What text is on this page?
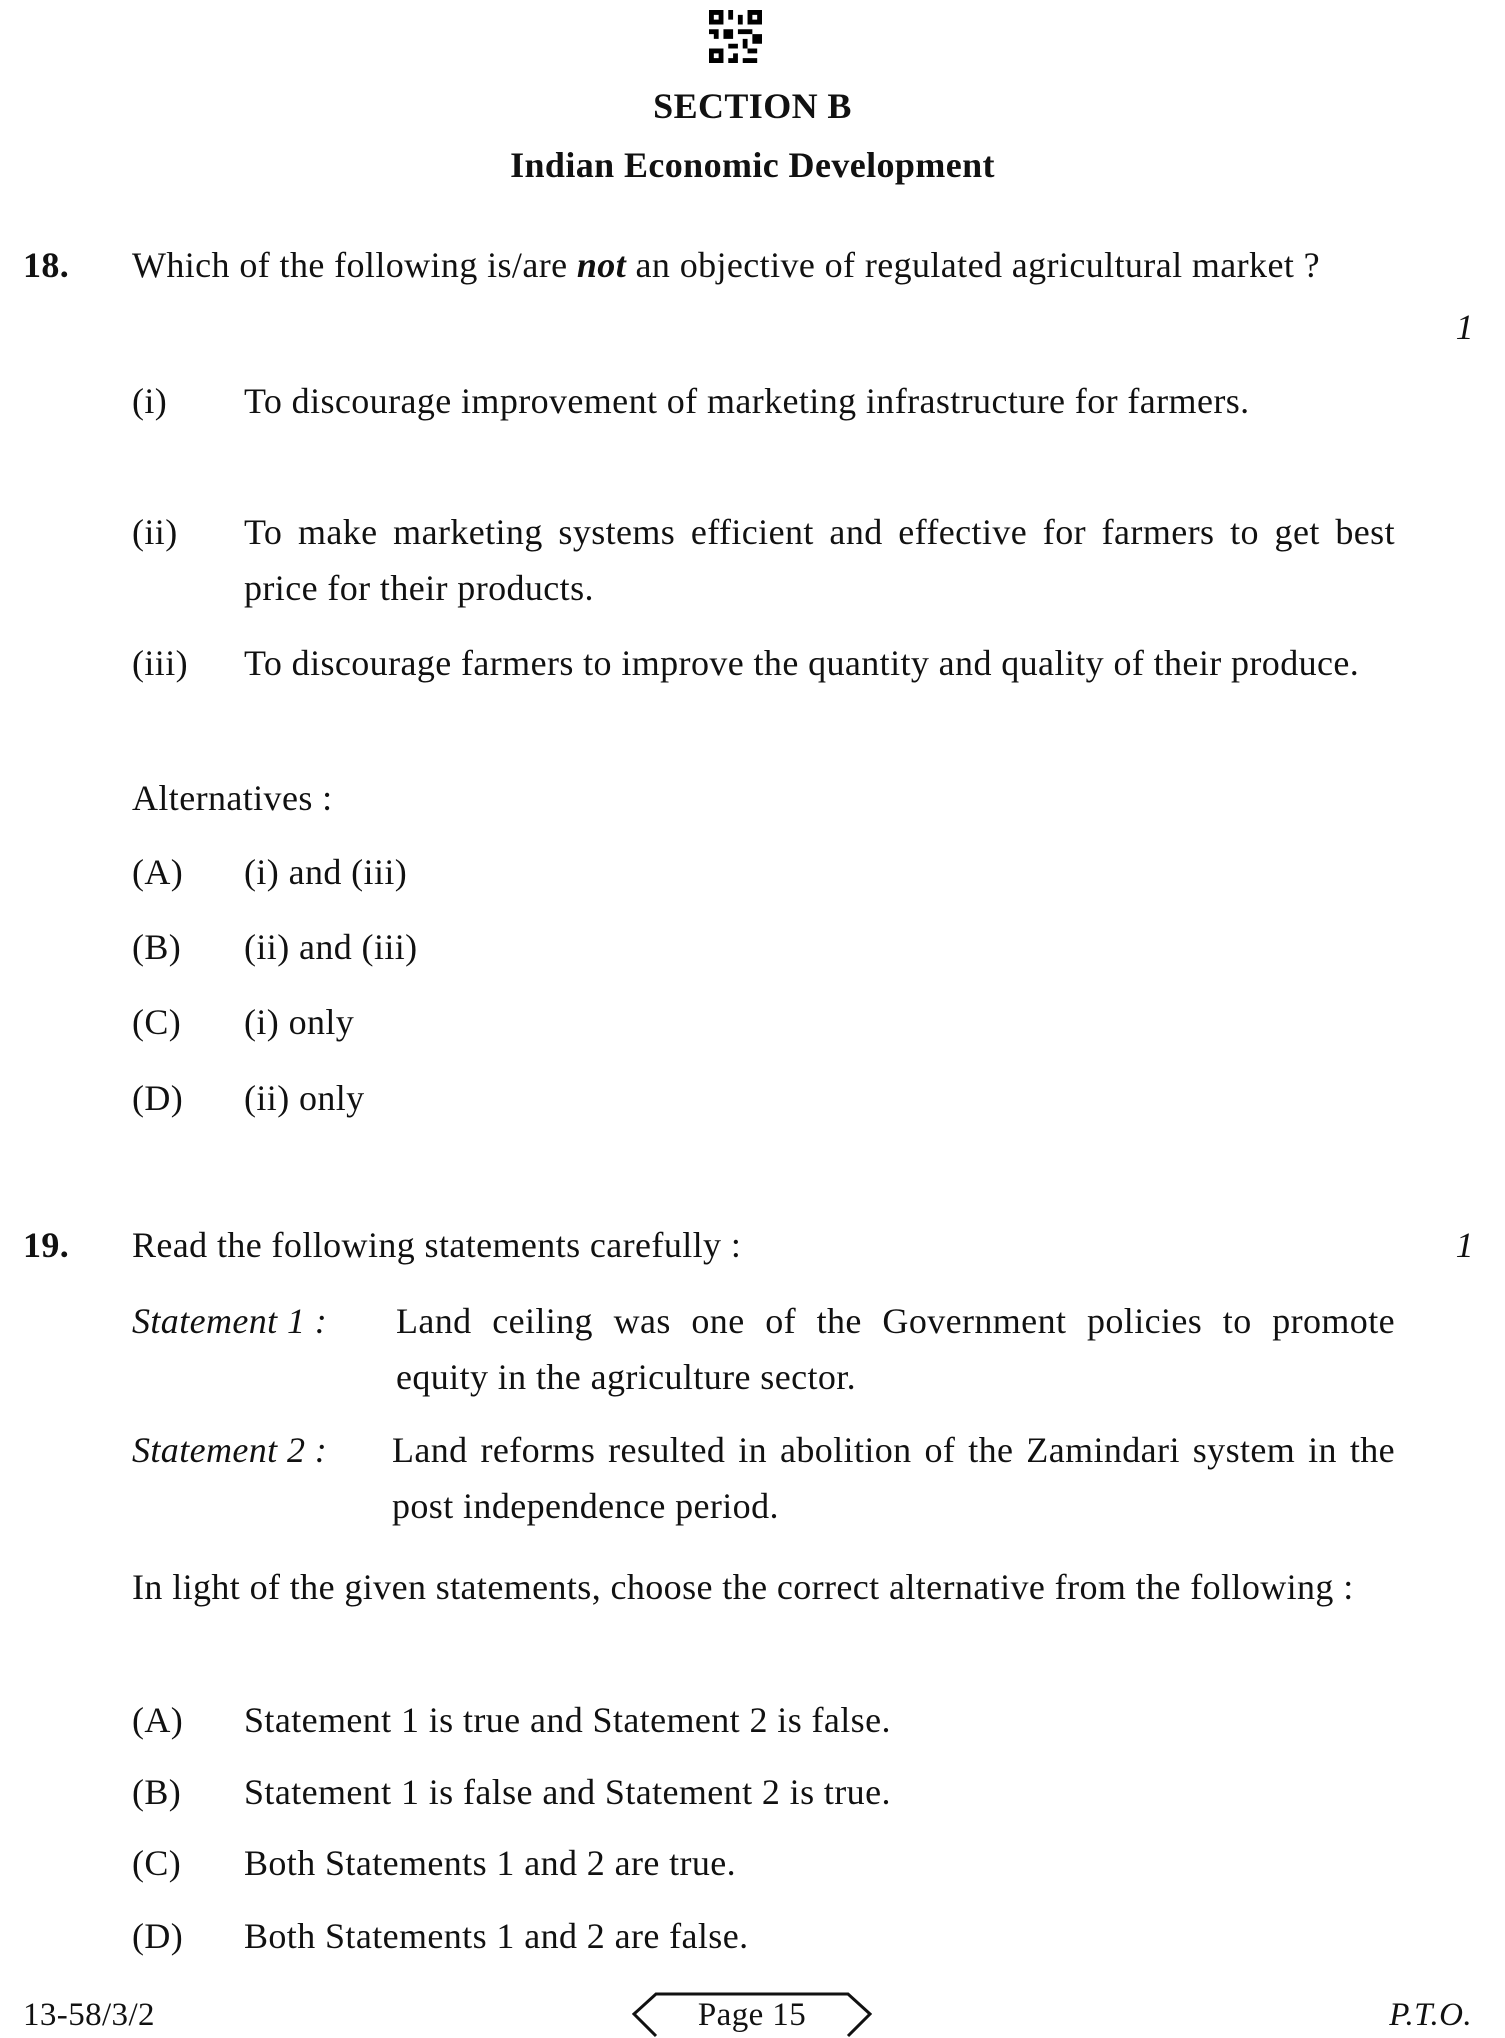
SECTION B
Indian Economic Development
18. Which of the following is/are not an objective of regulated agricultural market ?
1
(i) To discourage improvement of marketing infrastructure for farmers.
(ii) To make marketing systems efficient and effective for farmers to get best price for their products.
(iii) To discourage farmers to improve the quantity and quality of their produce.
Alternatives :
(A) (i) and (iii)
(B) (ii) and (iii)
(C) (i) only
(D) (ii) only
19. Read the following statements carefully :	1
Statement 1 : Land ceiling was one of the Government policies to promote equity in the agriculture sector.
Statement 2 : Land reforms resulted in abolition of the Zamindari system in the post independence period.
In light of the given statements, choose the correct alternative from the following :
(A) Statement 1 is true and Statement 2 is false.
(B) Statement 1 is false and Statement 2 is true.
(C) Both Statements 1 and 2 are true.
(D) Both Statements 1 and 2 are false.
13-58/3/2	Page 15	P.T.O.
